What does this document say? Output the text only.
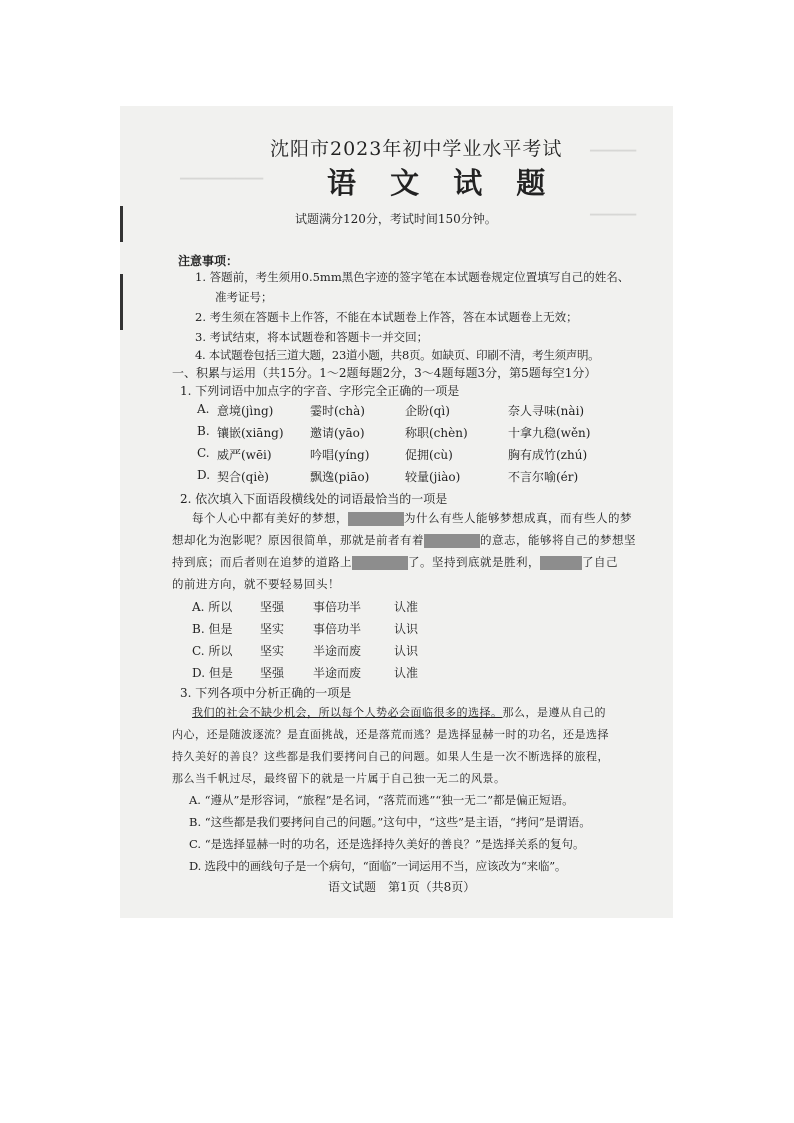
▔▔▔▔▔
▔▔▔▔▔▔▔▔▔
▔▔▔▔▔
沈阳市2023年初中学业水平考试
语 文 试 题
试题满分120分，考试时间150分钟。
注意事项：
1. 答题前，考生须用0.5mm黑色字迹的签字笔在本试题卷规定位置填写自己的姓名、
准考证号；
2. 考生须在答题卡上作答，不能在本试题卷上作答，答在本试题卷上无效；
3. 考试结束，将本试题卷和答题卡一并交回；
4. 本试题卷包括三道大题，23道小题，共8页。如缺页、印刷不清，考生须声明。
一、积累与运用（共15分。1～2题每题2分，3～4题每题3分，第5题每空1分）
1. 下列词语中加点字的字音、字形完全正确的一项是
A. 意境(jìng)	霎时(chà)	企盼(qì)	奈人寻味(nài)
B. 镶嵌(xiāng) 邀请(yāo)	称职(chèn)	十拿九稳(wěn)
C. 威严(wēi)	吟唱(yíng)	促拥(cù)	胸有成竹(zhú)
D. 契合(qiè)	飘逸(piāo)	较量(jiào)	不言尔喻(ér)
2. 依次填入下面语段横线处的词语最恰当的一项是
每个人心中都有美好的梦想，	为什么有些人能够梦想成真，而有些人的梦
想却化为泡影呢？原因很简单，那就是前者有着	的意志，能够将自己的梦想坚
持到底；而后者则在追梦的道路上	了。坚持到底就是胜利，	了自己
的前进方向，就不要轻易回头！
A. 所以 坚强 事倍功半	认准
B. 但是 坚实 事倍功半	认识
C. 所以 坚实 半途而废	认识
D. 但是 坚强 半途而废	认准
3. 下列各项中分析正确的一项是
我们的社会不缺少机会，所以每个人势必会面临很多的选择。那么，是遵从自己的
内心，还是随波逐流？是直面挑战，还是落荒而逃？是选择显赫一时的功名，还是选择
持久美好的善良？这些都是我们要拷问自己的问题。如果人生是一次不断选择的旅程，
那么当千帆过尽，最终留下的就是一片属于自己独一无二的风景。
A. “遵从”是形容词，“旅程”是名词，“落荒而逃”“独一无二”都是偏正短语。
B. “这些都是我们要拷问自己的问题。”这句中，“这些”是主语，“拷问”是谓语。
C. “是选择显赫一时的功名，还是选择持久美好的善良？”是选择关系的复句。
D. 选段中的画线句子是一个病句，“面临”一词运用不当，应该改为“来临”。
语文试题　第1页（共8页）
